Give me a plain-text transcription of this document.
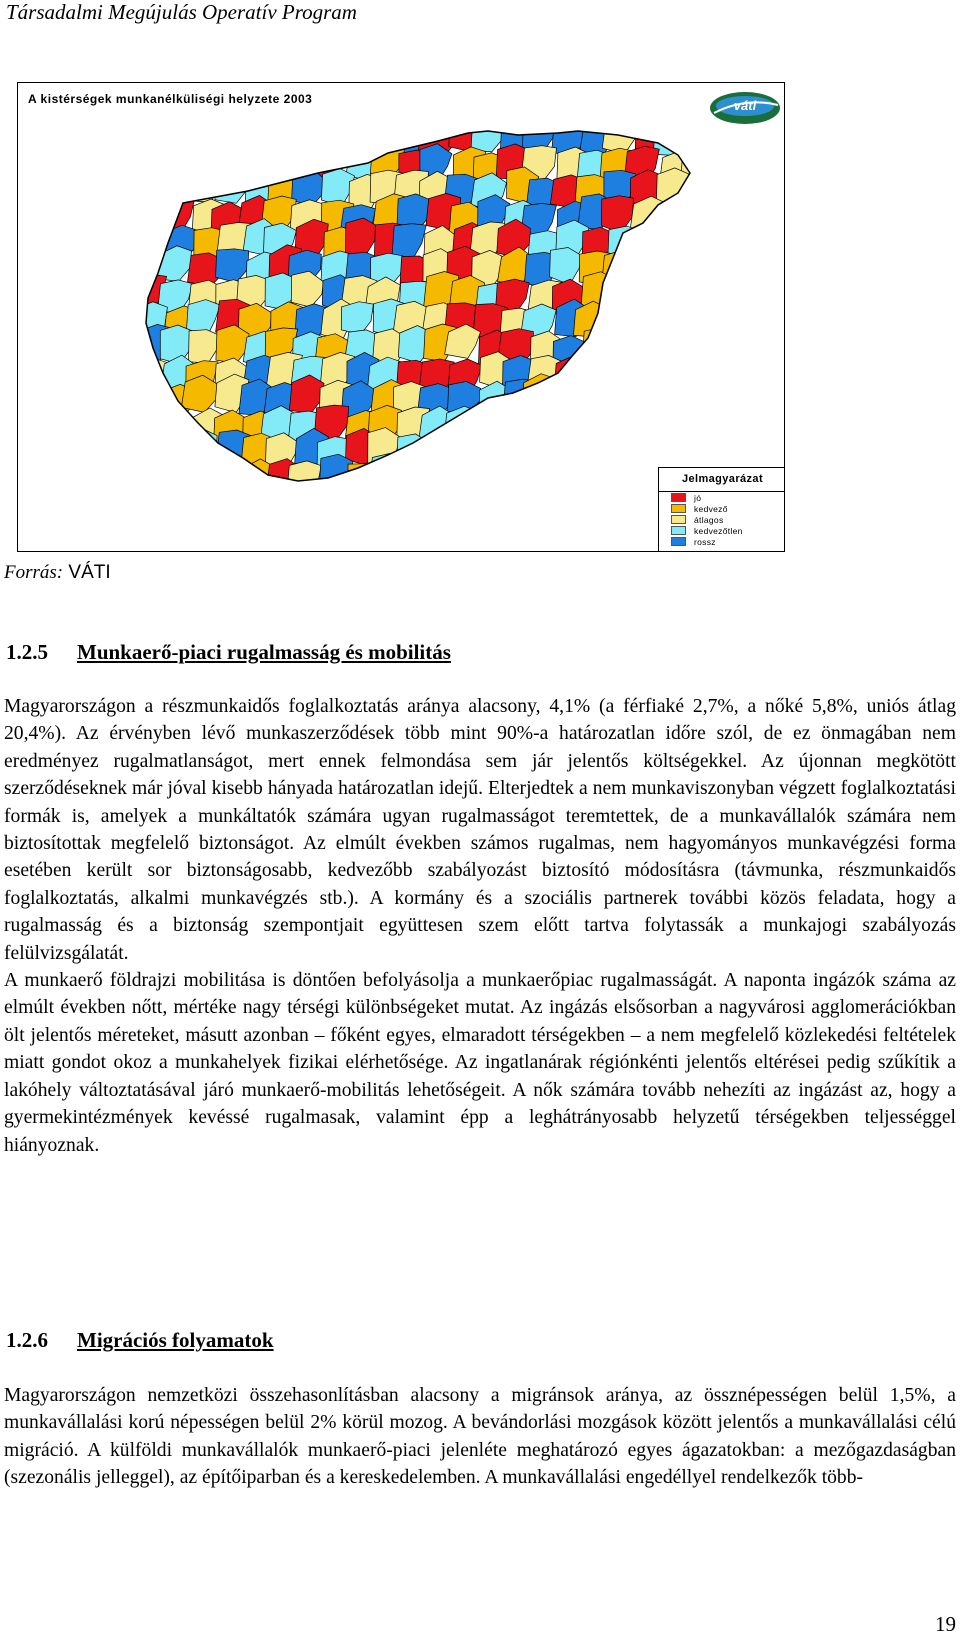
Társadalmi Megújulás Operatív Program
A kistérségek munkanélküliségi helyzete 2003	váti
Jelmagyarázat
jó
kedvező
átlagos
kedvezőtlen
rossz
Forrás: VÁTI
1.2.5	Munkaerő-piaci rugalmasság és mobilitás

Magyarországon a részmunkaidős foglalkoztatás aránya alacsony, 4,1% (a férfiaké 2,7%, a nőké 5,8%, uniós átlag 20,4%). Az érvényben lévő munkaszerződések több mint 90%-a határozatlan időre szól, de ez önmagában nem eredményez rugalmatlanságot, mert ennek felmondása sem jár jelentős költségekkel. Az újonnan megkötött szerződéseknek már jóval kisebb hányada határozatlan idejű. Elterjedtek a nem munkaviszonyban végzett foglalkoztatási formák is, amelyek a munkáltatók számára ugyan rugalmasságot teremtettek, de a munkavállalók számára nem biztosítottak megfelelő biztonságot. Az elmúlt években számos rugalmas, nem hagyományos munkavégzési forma esetében került sor biztonságosabb, kedvezőbb szabályozást biztosító módosításra (távmunka, részmunkaidős foglalkoztatás, alkalmi munkavégzés stb.). A kormány és a szociális partnerek további közös feladata, hogy a rugalmasság és a biztonság szempontjait együttesen szem előtt tartva folytassák a munkajogi szabályozás felülvizsgálatát.

A munkaerő földrajzi mobilitása is döntően befolyásolja a munkaerőpiac rugalmasságát. A naponta ingázók száma az elmúlt években nőtt, mértéke nagy térségi különbségeket mutat. Az ingázás elsősorban a nagyvárosi agglomerációkban ölt jelentős méreteket, másutt azonban – főként egyes, elmaradott térségekben – a nem megfelelő közlekedési feltételek miatt gondot okoz a munkahelyek fizikai elérhetősége. Az ingatlanárak régiónkénti jelentős eltérései pedig szűkítik a lakóhely változtatásával járó munkaerő-mobilitás lehetőségeit. A nők számára tovább nehezíti az ingázást az, hogy a gyermekintézmények kevéssé rugalmasak, valamint épp a leghátrányosabb helyzetű térségekben teljességgel hiányoznak.

1.2.6	Migrációs folyamatok

Magyarországon nemzetközi összehasonlításban alacsony a migránsok aránya, az össznépességen belül 1,5%, a munkavállalási korú népességen belül 2% körül mozog. A bevándorlási mozgások között jelentős a munkavállalási célú migráció. A külföldi munkavállalók munkaerő-piaci jelenléte meghatározó egyes ágazatokban: a mezőgazdaságban (szezonális jelleggel), az építőiparban és a kereskedelemben. A munkavállalási engedéllyel rendelkezők több-

19
